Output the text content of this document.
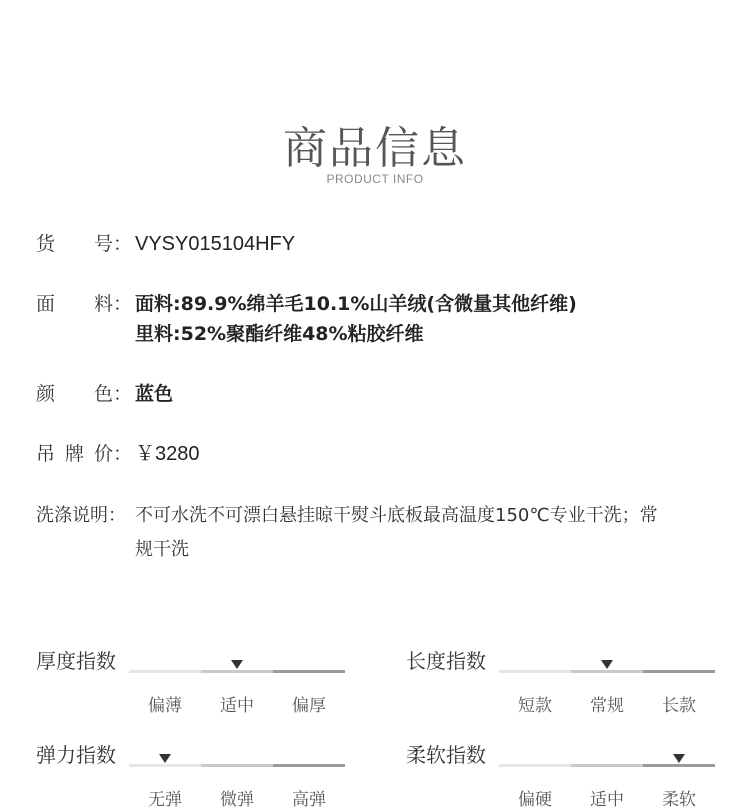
商品信息
PRODUCT INFO
货 号： VYSY015104HFY
面 料： 面料:89.9%绵羊毛10.1%山羊绒(含微量其他纤维)
里料:52%聚酯纤维48%粘胶纤维
颜 色： 蓝色
吊 牌 价： ￥3280
洗涤说明： 不可水洗不可漂白悬挂晾干熨斗底板最高温度150℃专业干洗；常
规干洗
厚度指数
偏薄	适中	偏厚
长度指数
短款	常规	长款
弹力指数
无弹	微弹	高弹
柔软指数
偏硬	适中	柔软
